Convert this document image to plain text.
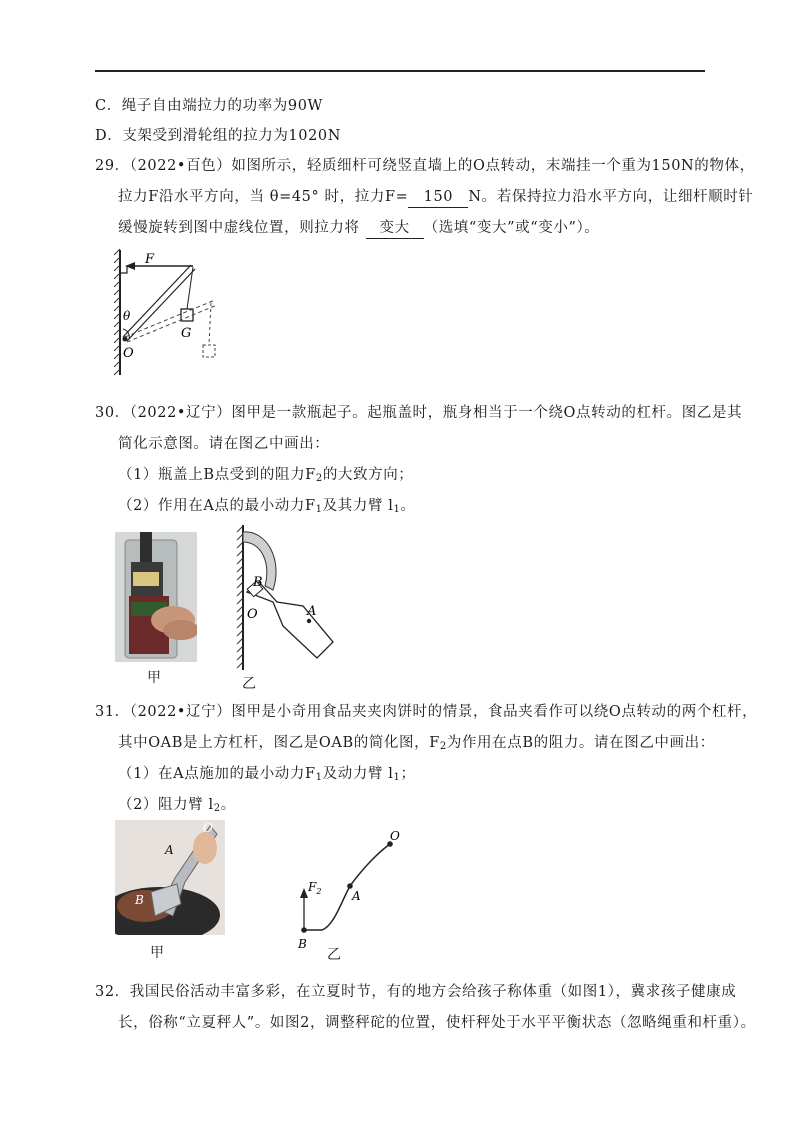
C．绳子自由端拉力的功率为90W
D．支架受到滑轮组的拉力为1020N
29．（2022•百色）如图所示，轻质细杆可绕竖直墙上的O点转动，末端挂一个重为150N的物体，
拉力F沿水平方向，当 θ=45° 时，拉力F= 150 N。若保持拉力沿水平方向，让细杆顺时针
缓慢旋转到图中虚线位置，则拉力将 变大 （选填“变大”或“变小”）。
F
θ
G
O
30．（2022•辽宁）图甲是一款瓶起子。起瓶盖时，瓶身相当于一个绕O点转动的杠杆。图乙是其
简化示意图。请在图乙中画出：
（1）瓶盖上B点受到的阻力$F_2$的大致方向；
（2）作用在A点的最小动力$F_1$及其力臂 $l_1$。
甲
B
O	A
乙
31．（2022•辽宁）图甲是小奇用食品夹夹肉饼时的情景，食品夹看作可以绕O点转动的两个杠杆，
其中OAB是上方杠杆，图乙是OAB的简化图，$F_2$为作用在点B的阻力。请在图乙中画出：
（1）在A点施加的最小动力$F_1$及动力臂 $l_1$；
（2）阻力臂 $l_2$。
O
A
B
甲
$F_2$
B
A
O
乙
32．我国民俗活动丰富多彩，在立夏时节，有的地方会给孩子称体重（如图1），冀求孩子健康成
长，俗称“立夏秤人”。如图2，调整秤砣的位置，使杆秤处于水平平衡状态（忽略绳重和杆重）。
